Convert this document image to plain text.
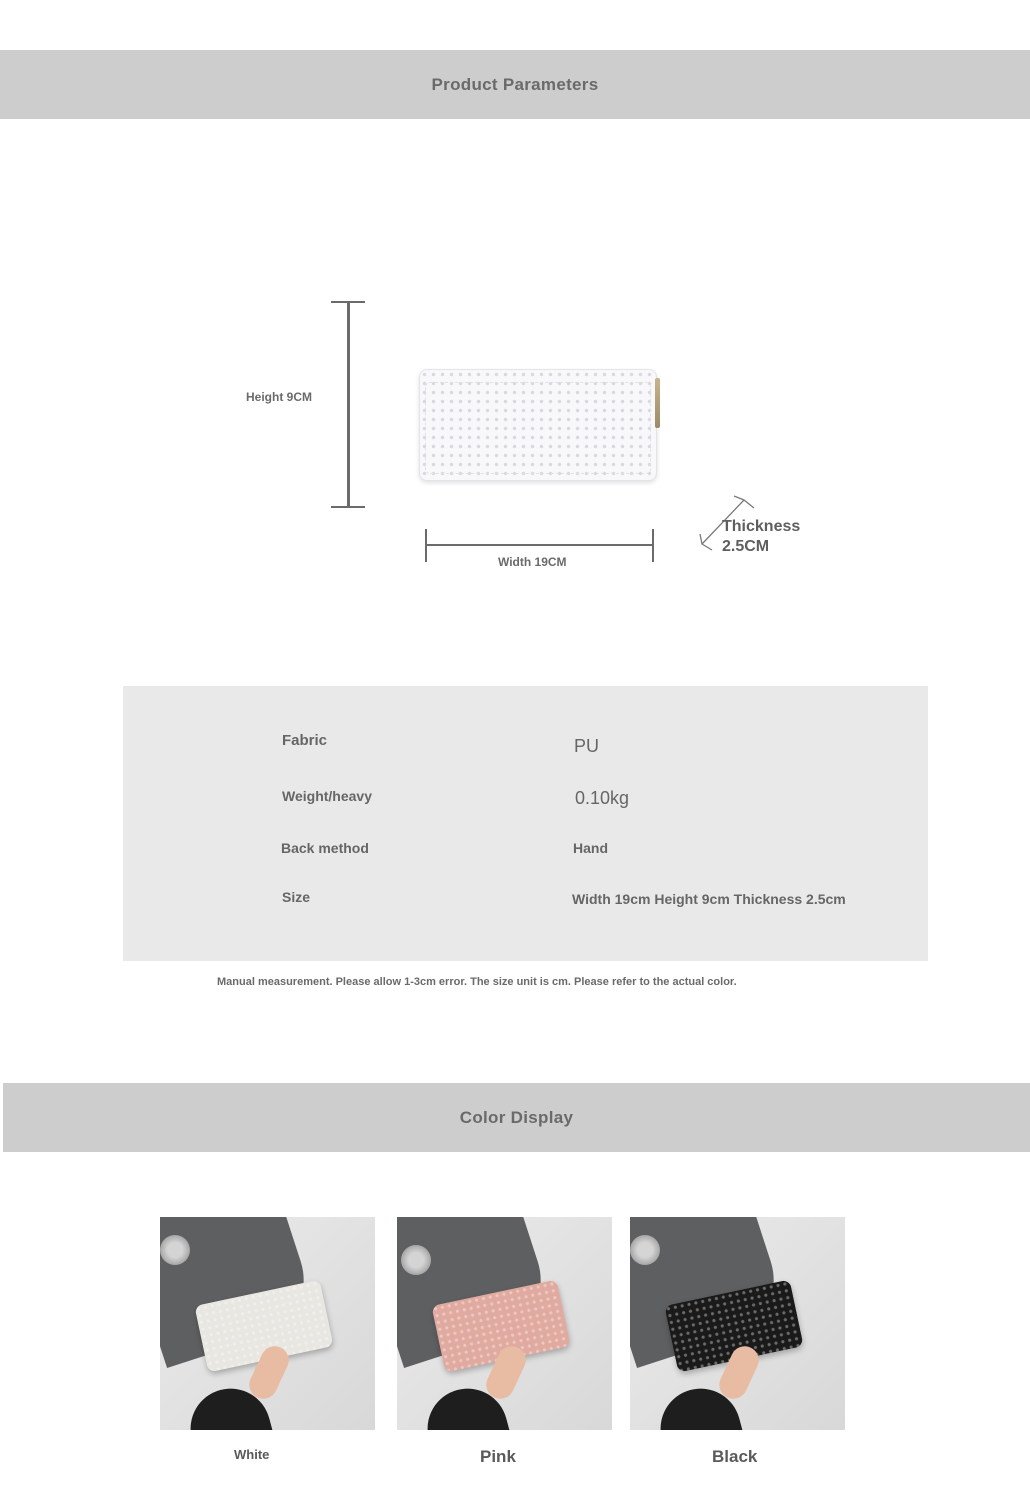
Product Parameters
Height 9CM
Width 19CM
Thickness
2.5CM
Fabric	PU
Weight/heavy	0.10kg
Back method	Hand
Size	Width 19cm Height 9cm Thickness 2.5cm
Manual measurement. Please allow 1-3cm error. The size unit is cm. Please refer to the actual color.
Color Display
White	Pink	Black
